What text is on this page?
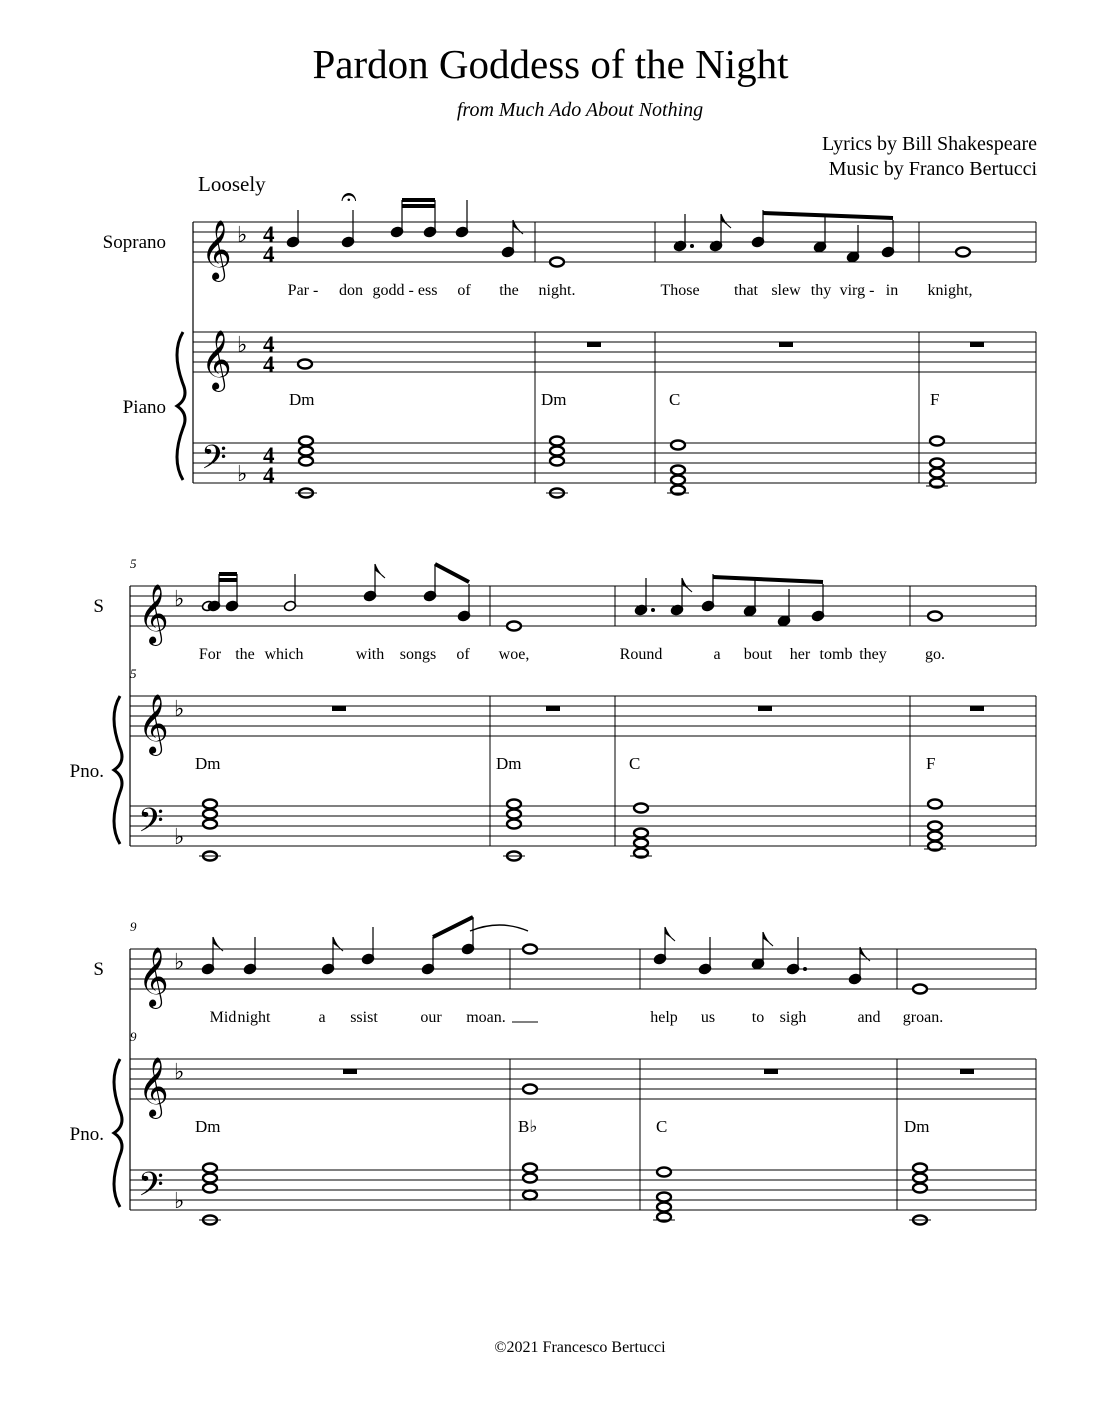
Pardon Goddess of the Night
from Much Ado About Nothing
Lyrics by Bill Shakespeare
Music by Franco Bertucci
Loosely
©2021 Francesco Bertucci
Soprano
Piano
𝄞 ♭
𝄞 ♭
𝄢 ♭
4
4
4
4
4
4
S
Pno.
5
5
𝄞 ♭
𝄞 ♭
𝄢 ♭
S
Pno.
9
9
𝄞 ♭
𝄞 ♭
𝄢 ♭
𝄐
Par - don godd - ess of the night.	Those that slew thy virg - in knight,
For the which	with songs of woe,	Round	a bout her tomb they go.
Mid night	a ssist	our moan.	help us to sigh	and groan.
Dm	Dm	C	F
Dm	Dm	C	F
Dm	B♭	C	Dm
